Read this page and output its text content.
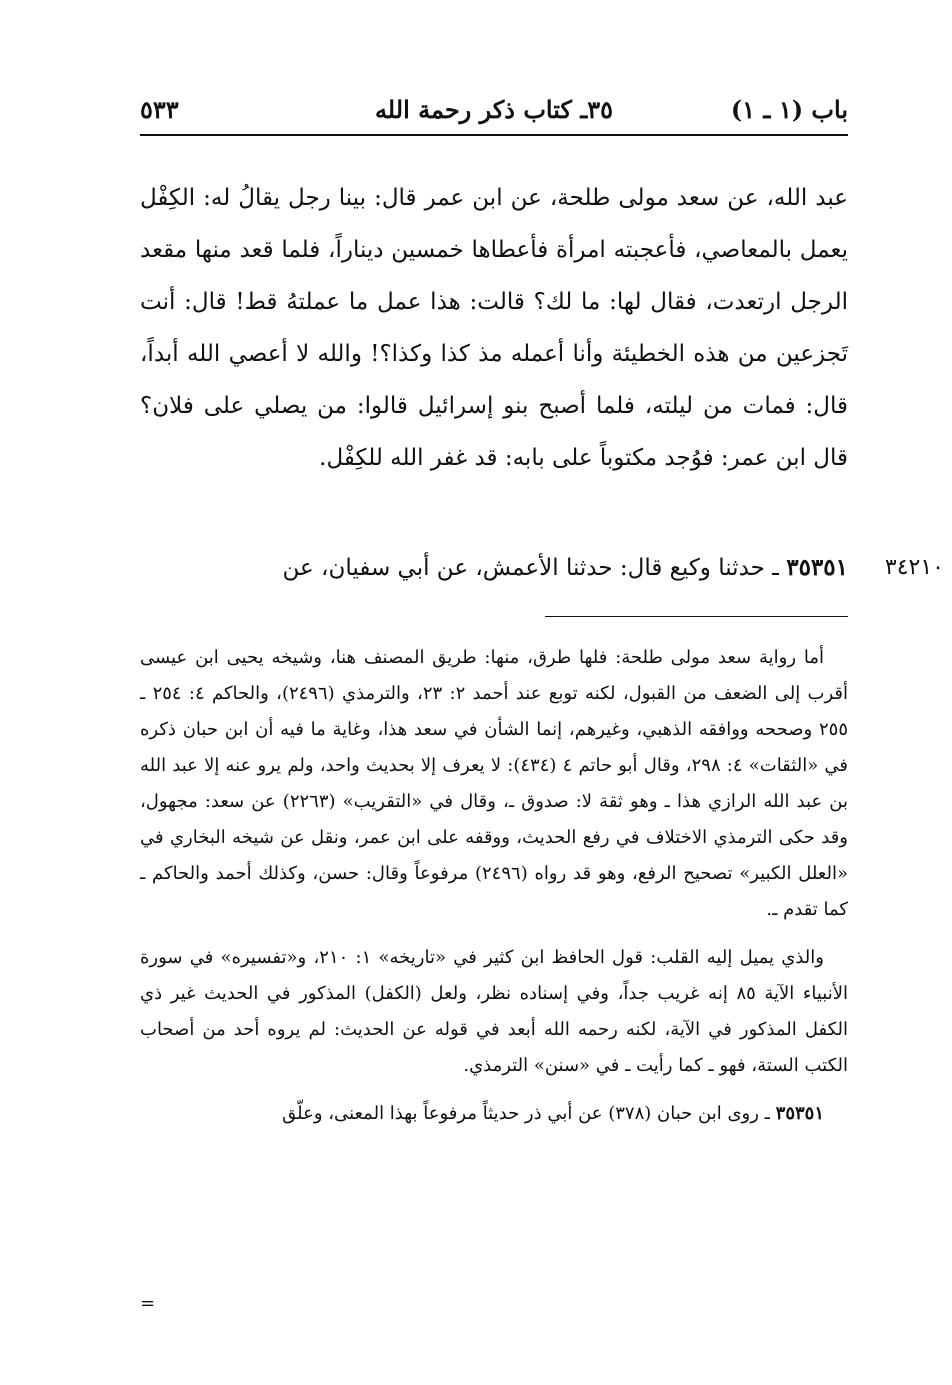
باب (١ ـ ١)
٣٥ـ كتاب ذكر رحمة الله
٥٣٣

عبد الله، عن سعد مولى طلحة، عن ابن عمر قال: بينا رجل يقالُ له: الكِفْل يعمل بالمعاصي، فأعجبته امرأة فأعطاها خمسين ديناراً، فلما قعد منها مقعد الرجل ارتعدت، فقال لها: ما لك؟ قالت: هذا عمل ما عملتهُ قط! قال: أنت تَجزعين من هذه الخطيئة وأنا أعمله مذ كذا وكذا؟! والله لا أعصي الله أبداً، قال: فمات من ليلته، فلما أصبح بنو إسرائيل قالوا: من يصلي على فلان؟ قال ابن عمر: فوُجد مكتوباً على بابه: قد غفر الله للكِفْل.

٣٥٣٥١ ـ حدثنا وكيع قال: حدثنا الأعمش، عن أبي سفيان، عن	٣٤٢١٠

أما رواية سعد مولى طلحة: فلها طرق، منها: طريق المصنف هنا، وشيخه يحيى ابن عيسى أقرب إلى الضعف من القبول، لكنه توبع عند أحمد ٢: ٢٣، والترمذي (٢٤٩٦)، والحاكم ٤: ٢٥٤ ـ ٢٥٥ وصححه ووافقه الذهبي، وغيرهم، إنما الشأن في سعد هذا، وغاية ما فيه أن ابن حبان ذكره في «الثقات» ٤: ٢٩٨، وقال أبو حاتم ٤ (٤٣٤): لا يعرف إلا بحديث واحد، ولم يرو عنه إلا عبد الله بن عبد الله الرازي هذا ـ وهو ثقة لا: صدوق ـ، وقال في «التقريب» (٢٢٦٣) عن سعد: مجهول، وقد حكى الترمذي الاختلاف في رفع الحديث، ووقفه على ابن عمر، ونقل عن شيخه البخاري في «العلل الكبير» تصحيح الرفع، وهو قد رواه (٢٤٩٦) مرفوعاً وقال: حسن، وكذلك أحمد والحاكم ـ كما تقدم ـ.

والذي يميل إليه القلب: قول الحافظ ابن كثير في «تاريخه» ١: ٢١٠، و«تفسيره» في سورة الأنبياء الآية ٨٥ إنه غريب جداً، وفي إسناده نظر، ولعل (الكفل) المذكور في الحديث غير ذي الكفل المذكور في الآية، لكنه رحمه الله أبعد في قوله عن الحديث: لم يروه أحد من أصحاب الكتب الستة، فهو ـ كما رأيت ـ في «سنن» الترمذي.

٣٥٣٥١ ـ روى ابن حبان (٣٧٨) عن أبي ذر حديثاً مرفوعاً بهذا المعنى، وعلّق

=
